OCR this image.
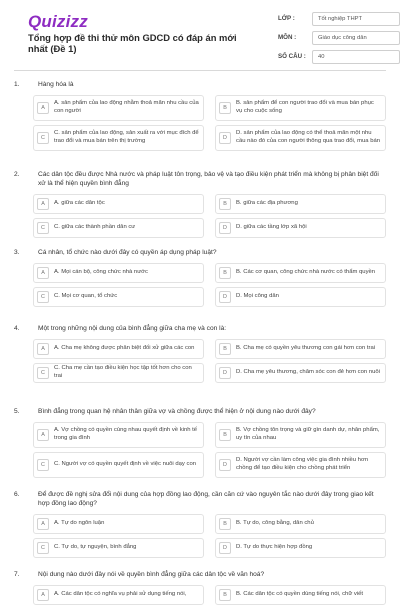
Quizizz
Tổng hợp đề thi thử môn GDCD có đáp án mới nhất (Đề 1)
LỚP :	Tốt nghiệp THPT
MÔN :	Giáo dục công dân
SỐ CÂU :	40
1.	Hàng hóa là
A
A. sản phẩm của lao động nhằm thoả mãn nhu cầu của con người	B
B. sản phẩm để con người trao đổi và mua bán phục vụ cho cuộc sống
C
C. sản phẩm của lao động, sản xuất ra với mục đích để trao đổi và mua bán trên thị trường	D
D. sản phẩm của lao động có thể thoả mãn một nhu cầu nào đó của con người thông qua trao đổi, mua bán
2.	Các dân tộc đều được Nhà nước và pháp luật tôn trọng, bảo vệ và tạo điều kiện phát triển mà không bị phân biệt đối xử là thể hiện quyền bình đẳng
A	A. giữa các dân tộc	B	B. giữa các địa phương
C	C. giữa các thành phần dân cư	D	D. giữa các tầng lớp xã hội
3.	Cá nhân, tổ chức nào dưới đây có quyền áp dụng pháp luật?
A	A. Mọi cán bộ, công chức nhà nước	B	B. Các cơ quan, công chức nhà nước có thẩm quyền
C	C. Mọi cơ quan, tổ chức	D	D. Mọi công dân
4.	Một trong những nội dung của bình đẳng giữa cha mẹ và con là:
A	A. Cha mẹ không được phân biệt đối xử giữa các con	B	B. Cha mẹ có quyền yêu thương con gái hơn con trai
C
C. Cha mẹ cần tạo điều kiện học tập tốt hơn cho con trai	D	D. Cha mẹ yêu thương, chăm sóc con đẻ hơn con nuôi
5.	Bình đẳng trong quan hệ nhân thân giữa vợ và chồng được thể hiện ở nội dung nào dưới đây?
A
A. Vợ chồng có quyền cùng nhau quyết định về kinh tế trong gia đình	B
B. Vợ chồng tôn trọng và giữ gìn danh dự, nhân phẩm, uy tín của nhau
C	C. Người vợ có quyền quyết định về việc nuôi dạy con	D
D. Người vợ cần làm công việc gia đình nhiều hơn chồng để tạo điều kiện cho chồng phát triển
6.	Để được đề nghị sửa đổi nội dung của hợp đồng lao động, cần căn cứ vào nguyên tắc nào dưới đây trong giao kết hợp đồng lao động?
A	A. Tự do ngôn luận	B	B. Tự do, công bằng, dân chủ
C	C. Tự do, tự nguyện, bình đẳng	D	D. Tự do thực hiện hợp đồng
7.	Nội dung nào dưới đây nói về quyền bình đẳng giữa các dân tộc về văn hoá?
A	A. Các dân tộc có nghĩa vụ phải sử dụng tiếng nói,	B	B. Các dân tộc có quyền dùng tiếng nói, chữ viết
